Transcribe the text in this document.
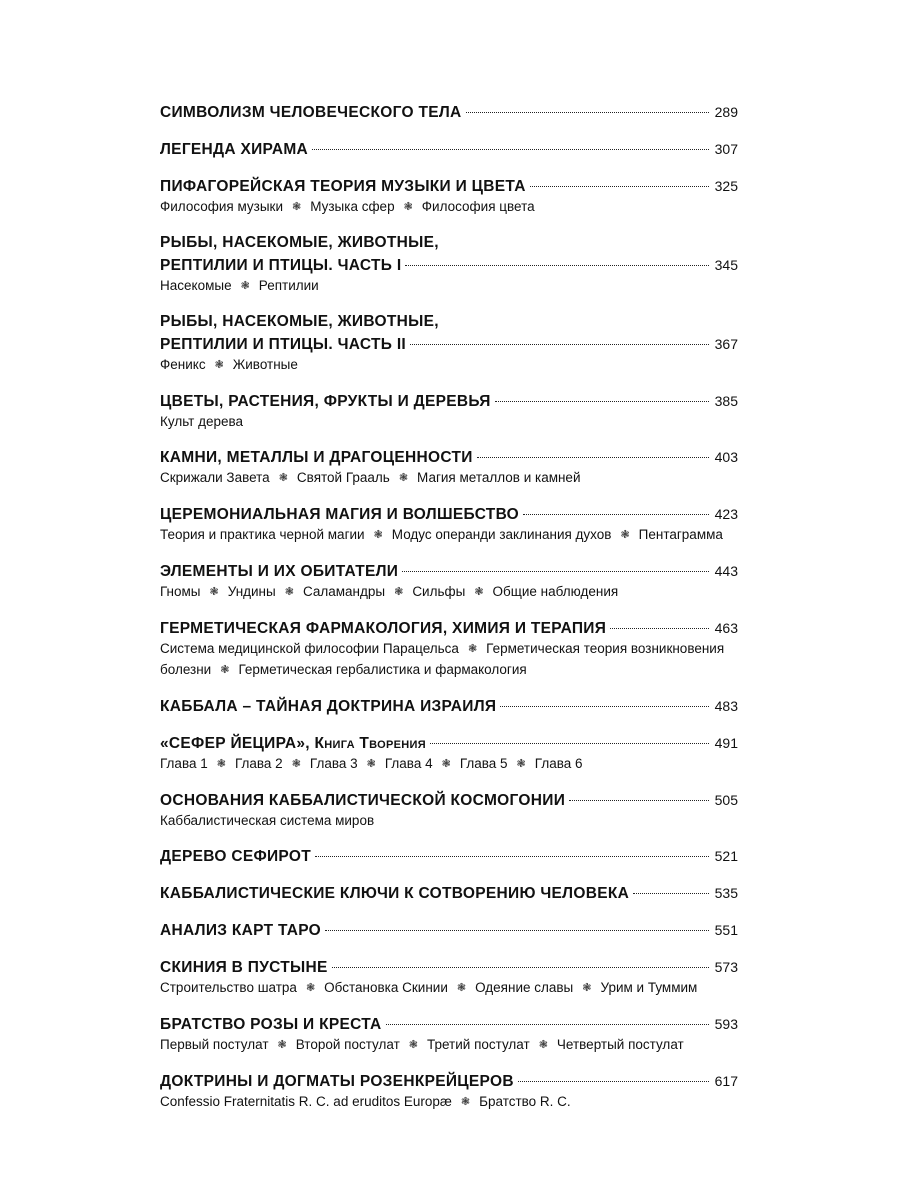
СИМВОЛИЗМ ЧЕЛОВЕЧЕСКОГО ТЕЛА	289
ЛЕГЕНДА ХИРАМА	307
ПИФАГОРЕЙСКАЯ ТЕОРИЯ МУЗЫКИ И ЦВЕТА	325
Философия музыки ❃ Музыка сфер ❃ Философия цвета
РЫБЫ, НАСЕКОМЫЕ, ЖИВОТНЫЕ,
РЕПТИЛИИ И ПТИЦЫ. ЧАСТЬ I	345
Насекомые ❃ Рептилии
РЫБЫ, НАСЕКОМЫЕ, ЖИВОТНЫЕ,
РЕПТИЛИИ И ПТИЦЫ. ЧАСТЬ II	367
Феникс ❃ Животные
ЦВЕТЫ, РАСТЕНИЯ, ФРУКТЫ И ДЕРЕВЬЯ	385
Культ дерева
КАМНИ, МЕТАЛЛЫ И ДРАГОЦЕННОСТИ	403
Скрижали Завета ❃ Святой Грааль ❃ Магия металлов и камней
ЦЕРЕМОНИАЛЬНАЯ МАГИЯ И ВОЛШЕБСТВО	423
Теория и практика черной магии ❃ Модус операнди заклинания духов ❃ Пентаграмма
ЭЛЕМЕНТЫ И ИХ ОБИТАТЕЛИ	443
Гномы ❃ Ундины ❃ Саламандры ❃ Сильфы ❃ Общие наблюдения
ГЕРМЕТИЧЕСКАЯ ФАРМАКОЛОГИЯ, ХИМИЯ И ТЕРАПИЯ	463
Система медицинской философии Парацельса ❃ Герметическая теория возникновения болезни ❃ Герметическая гербалистика и фармакология
КАББАЛА – ТАЙНАЯ ДОКТРИНА ИЗРАИЛЯ	483
«СЕФЕР ЙЕЦИРА», Книга Творения	491
Глава 1 ❃ Глава 2 ❃ Глава 3 ❃ Глава 4 ❃ Глава 5 ❃ Глава 6
ОСНОВАНИЯ КАББАЛИСТИЧЕСКОЙ КОСМОГОНИИ	505
Каббалистическая система миров
ДЕРЕВО СЕФИРОТ	521
КАББАЛИСТИЧЕСКИЕ КЛЮЧИ К СОТВОРЕНИЮ ЧЕЛОВЕКА	535
АНАЛИЗ КАРТ ТАРО	551
СКИНИЯ В ПУСТЫНЕ	573
Строительство шатра ❃ Обстановка Скинии ❃ Одеяние славы ❃ Урим и Туммим
БРАТСТВО РОЗЫ И КРЕСТА	593
Первый постулат ❃ Второй постулат ❃ Третий постулат ❃ Четвертый постулат
ДОКТРИНЫ И ДОГМАТЫ РОЗЕНКРЕЙЦЕРОВ	617
Confessio Fraternitatis R. C. ad eruditos Europæ ❃ Братство R. C.
